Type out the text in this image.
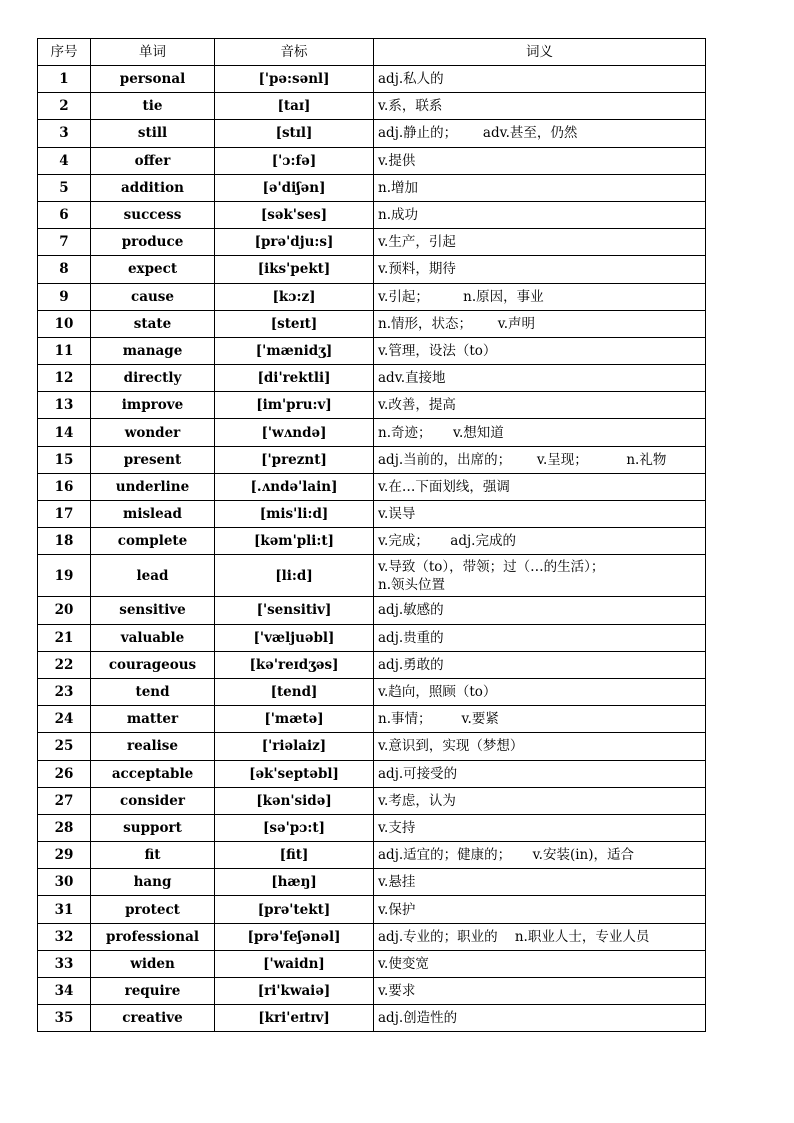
序号	单词	音标	词义
1	personal	['pə:sənl]	adj.私人的

2	tie	[taɪ]	v.系，联系

3	still	[stɪl]	adj.静止的；      adv.甚至，仍然

4	offer	['ɔ:fə]	v.提供

5	addition	[ə'diʃən]	n.增加

6	success	[sək'ses]	n.成功

7	produce	[prə'dju:s]	v.生产，引起

8	expect	[iks'pekt]	v.预料，期待

9	cause	[kɔ:z]	v.引起；        n.原因，事业

10	state	[steɪt]	n.情形，状态；      v.声明

11	manage	['mænidʒ]	v.管理，设法（to）

12	directly	[di'rektli]	adv.直接地

13	improve	[im'pru:v]	v.改善，提高

14	wonder	['wʌndə]	n.奇迹；     v.想知道

15	present	['preznt]	adj.当前的，出席的；      v.呈现；         n.礼物

16	underline	[.ʌndə'lain]	v.在…下面划线，强调

17	mislead	[mis'li:d]	v.误导

18	complete	[kəm'pli:t]	v.完成；     adj.完成的

19	lead	[li:d]	v.导致（to），带领；过（…的生活）；
n.领头位置

20	sensitive	['sensitiv]	adj.敏感的

21	valuable	['væljuəbl]	adj.贵重的

22	courageous	[kə'reɪdʒəs]	adj.勇敢的

23	tend	[tend]	v.趋向，照顾（to）

24	matter	['mætə]	n.事情；       v.要紧

25	realise	['riəlaiz]	v.意识到，实现（梦想）

26	acceptable	[ək'septəbl]	adj.可接受的

27	consider	[kən'sidə]	v.考虑，认为

28	support	[sə'pɔ:t]	v.支持

29	fit	[fit]	adj.适宜的；健康的；     v.安装(in)，适合

30	hang	[hæŋ]	v.悬挂

31	protect	[prə'tekt]	v.保护

32	professional	[prə'feʃənəl]	adj.专业的；职业的    n.职业人士，专业人员

33	widen	['waidn]	v.使变宽

34	require	[ri'kwaiə]	v.要求

35	creative	[kri'eɪtɪv]	adj.创造性的
